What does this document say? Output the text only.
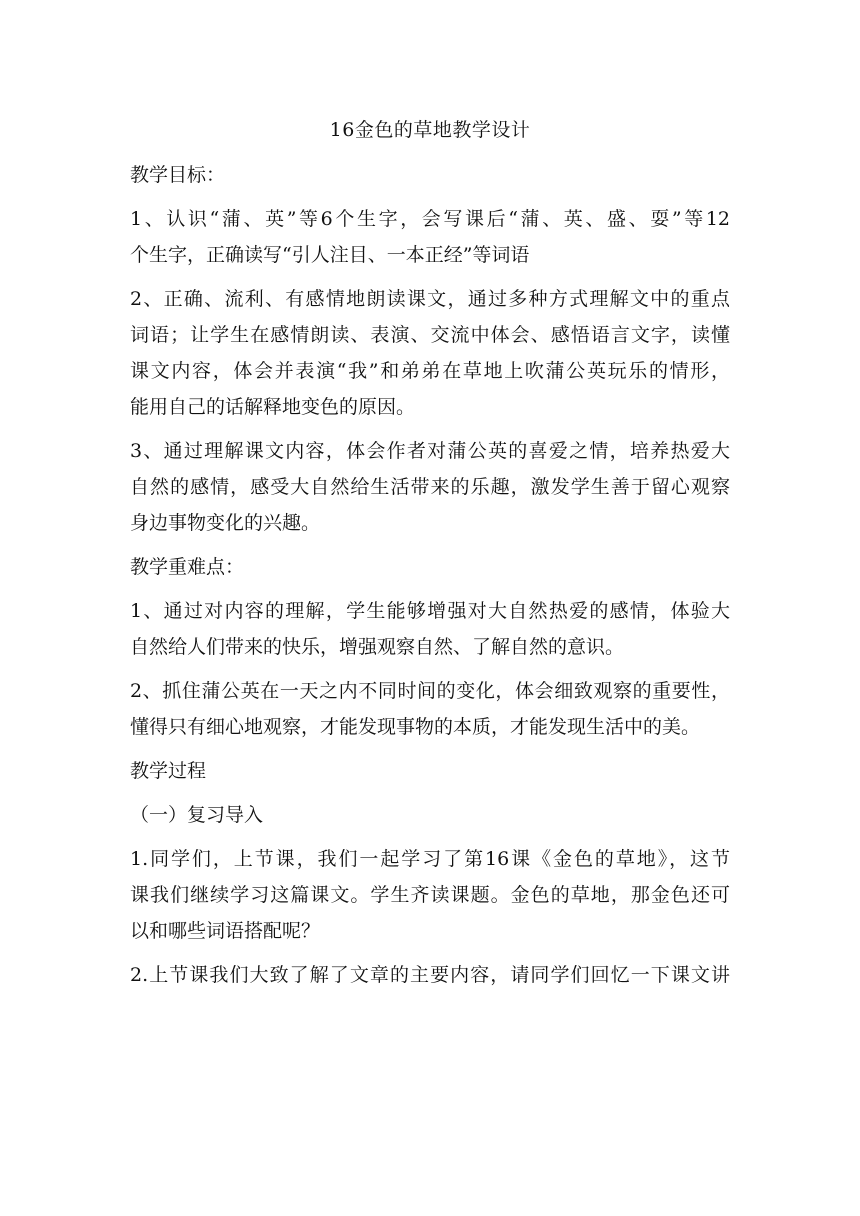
16金色的草地教学设计
教学目标：
1、认识“蒲、英”等6个生字，会写课后“蒲、英、盛、耍”等12
个生字，正确读写“引人注目、一本正经”等词语
2、正确、流利、有感情地朗读课文，通过多种方式理解文中的重点
词语；让学生在感情朗读、表演、交流中体会、感悟语言文字，读懂
课文内容，体会并表演“我”和弟弟在草地上吹蒲公英玩乐的情形，
能用自己的话解释地变色的原因。
3、通过理解课文内容，体会作者对蒲公英的喜爱之情，培养热爱大
自然的感情，感受大自然给生活带来的乐趣，激发学生善于留心观察
身边事物变化的兴趣。
教学重难点：
1、通过对内容的理解，学生能够增强对大自然热爱的感情，体验大
自然给人们带来的快乐，增强观察自然、了解自然的意识。
2、抓住蒲公英在一天之内不同时间的变化，体会细致观察的重要性，
懂得只有细心地观察，才能发现事物的本质，才能发现生活中的美。
教学过程
（一）复习导入
1.同学们，上节课，我们一起学习了第16课《金色的草地》，这节
课我们继续学习这篇课文。学生齐读课题。金色的草地，那金色还可
以和哪些词语搭配呢？
2.上节课我们大致了解了文章的主要内容，请同学们回忆一下课文讲
